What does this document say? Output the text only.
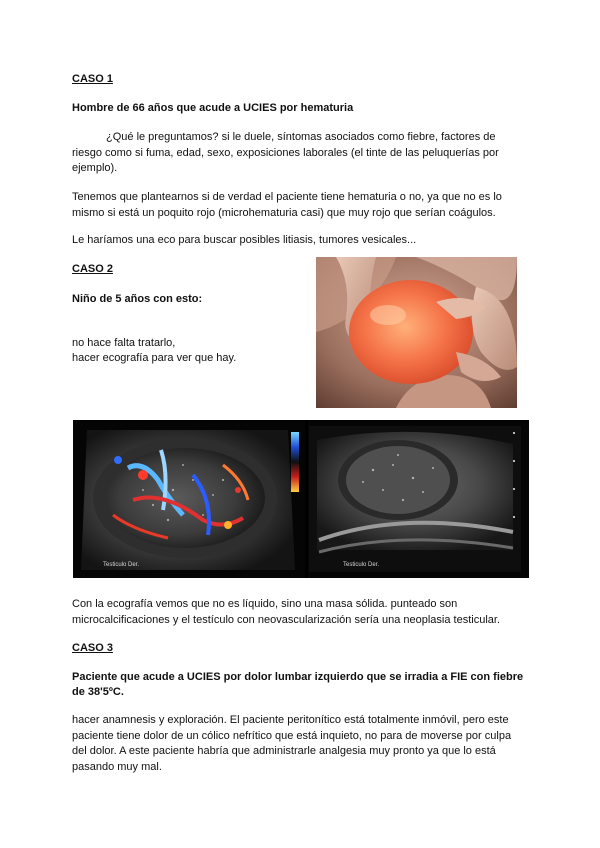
CASO 1
Hombre de 66 años que acude a UCIES por hematuria
¿Qué le preguntamos? si le duele, síntomas asociados como fiebre, factores de riesgo como si fuma, edad, sexo, exposiciones laborales (el tinte de las peluquerías por ejemplo).
Tenemos que plantearnos si de verdad el paciente tiene hematuria o no, ya que no es lo mismo si está un poquito rojo (microhematuria casi) que muy rojo que serían coágulos.
Le haríamos una eco para buscar posibles litiasis, tumores vesicales...
CASO 2
Niño de 5 años con esto:
no hace falta tratarlo,
hacer ecografía para ver que hay.
Testiculo Der.	Testiculo Der.
Con la ecografía vemos que no es líquido, sino una masa sólida. punteado son microcalcificaciones y el testículo con neovascularización sería una neoplasia testicular.
CASO 3
Paciente que acude a UCIES por dolor lumbar izquierdo que se irradia a FIE con fiebre de 38'5ºC.
hacer anamnesis y exploración. El paciente peritonítico está totalmente inmóvil, pero este paciente tiene dolor de un cólico nefrítico que está inquieto, no para de moverse por culpa del dolor. A este paciente habría que administrarle analgesia muy pronto ya que lo está pasando muy mal.
